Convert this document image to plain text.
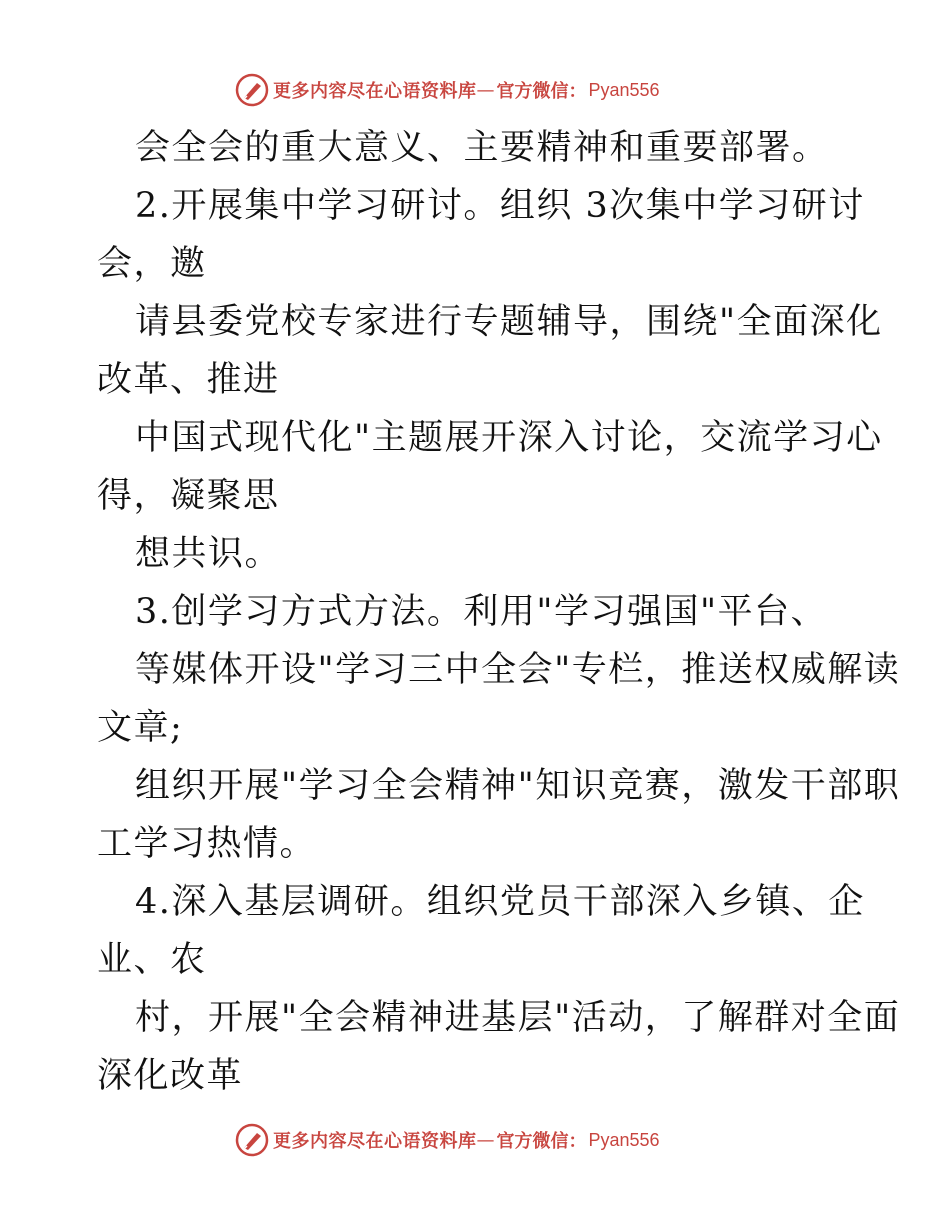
更多内容尽在心语资料库 — 官方微信： Pyan556
会全会的重大意义、主要精神和重要部署。
2.开展集中学习研讨。组织 3次集中学习研讨
会，邀
请县委党校专家进行专题辅导，围绕"全面深化
改革、推进
中国式现代化"主题展开深入讨论，交流学习心
得，凝聚思
想共识。
3.创学习方式方法。利用"学习强国"平台、
等媒体开设"学习三中全会"专栏，推送权威解读
文章;
组织开展"学习全会精神"知识竞赛，激发干部职
工学习热情。
4.深入基层调研。组织党员干部深入乡镇、企
业、农
村，开展"全会精神进基层"活动，了解群对全面
深化改革
更多内容尽在心语资料库 — 官方微信： Pyan556
